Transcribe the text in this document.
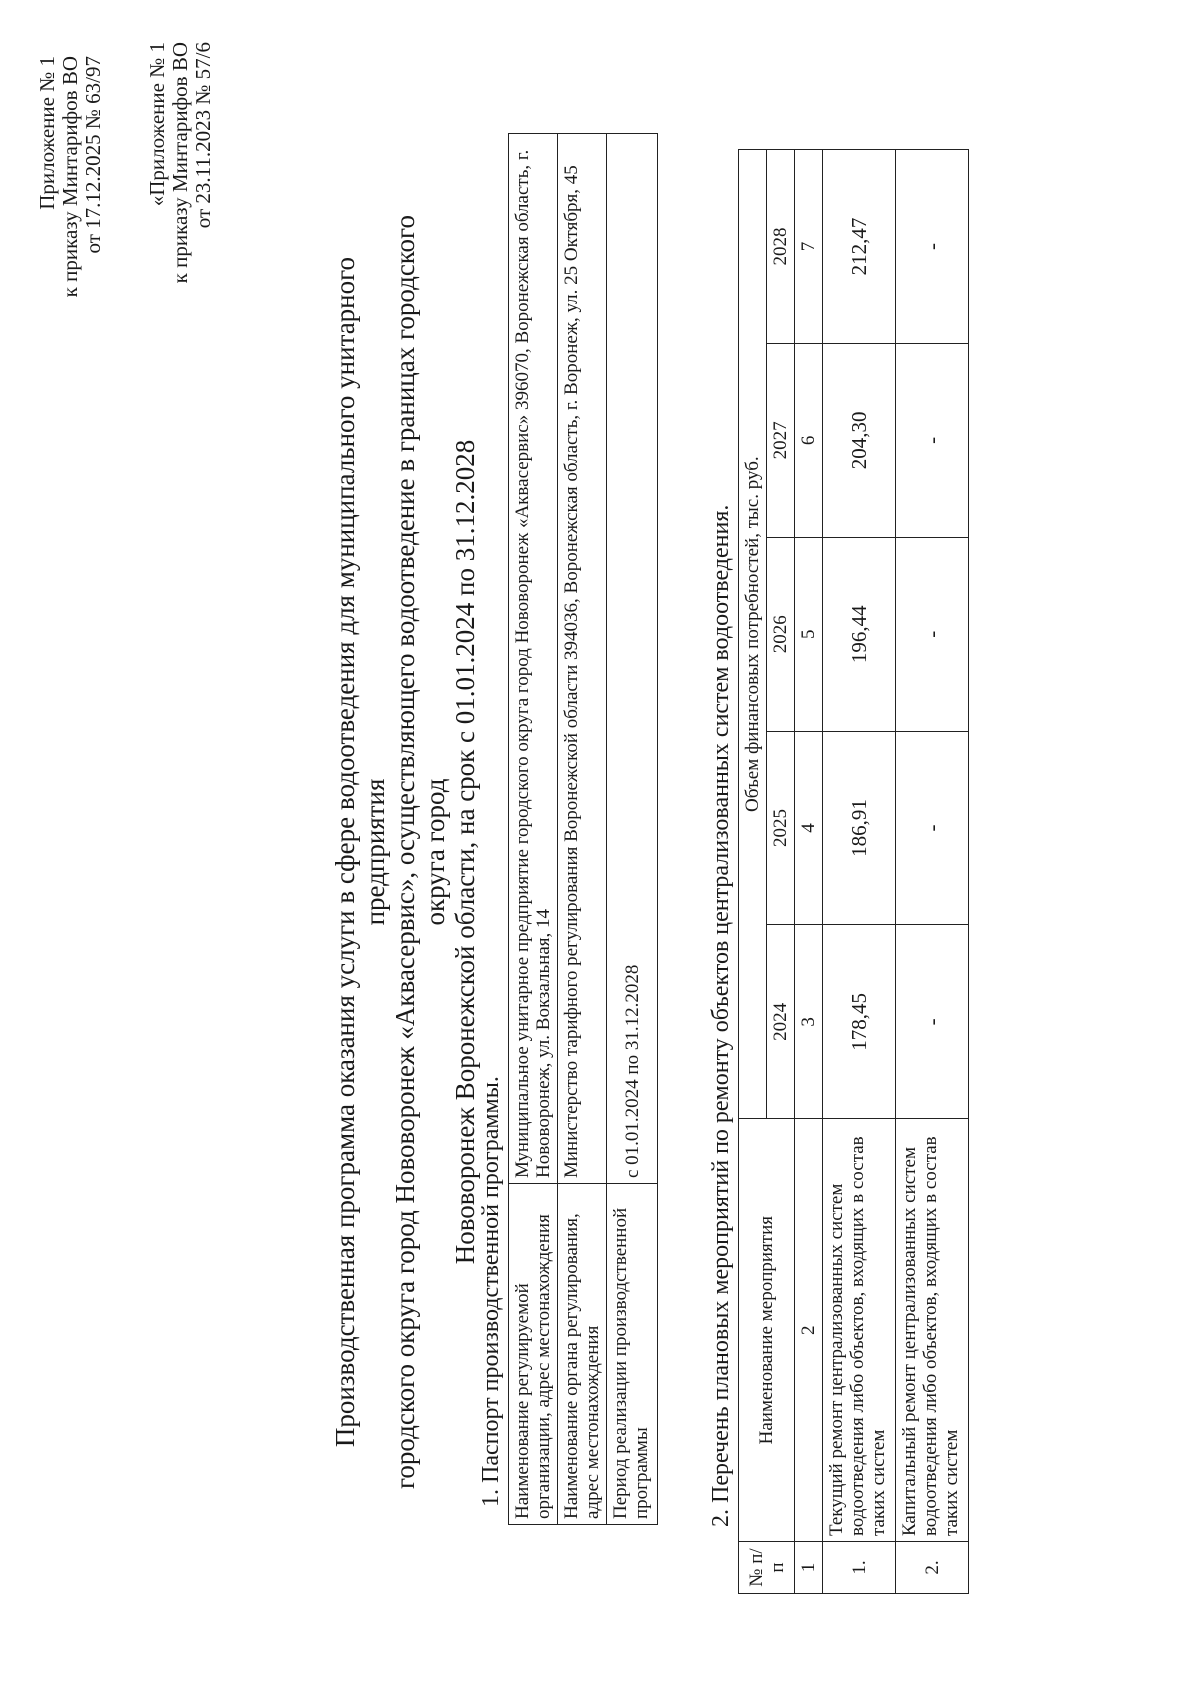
Приложение № 1 к приказу Минтарифов ВО от 17.12.2025 № 63/97 «Приложение № 1 к приказу Минтарифов ВО от 23.11.2023 № 57/6
Производственная программа оказания услуги в сфере водоотведения для муниципального унитарного предприятия городского округа город Нововоронеж «Аквасервис», осуществляющего водоотведение в границах городского округа город Нововоронеж Воронежской области, на срок с 01.01.2024 по 31.12.2028
1. Паспорт производственной программы. Наименование регулируемой организации, адрес местонахождения	Муниципальное унитарное предприятие городского округа город Нововоронеж «Аквасервис» 396070, Воронежская область, г. Нововоронеж, ул. Вокзальная, 14
Наименование органа регулирования, адрес местонахождения	Министерство тарифного регулирования Воронежской области 394036, Воронежская область, г. Воронеж, ул. 25 Октября, 45
Период реализации производственной программы	с 01.01.2024 по 31.12.2028	2. Перечень плановых мероприятий по ремонту объектов централизованных систем водоотведения.
№ п/п	Наименование мероприятия	Объем финансовых потребностей, тыс. руб.				
		2024	2025	2026	2027	2028
1	2	3	4	5	6	7
1.	Текущий ремонт централизованных систем водоотведения либо объектов, входящих в состав таких систем	178,45	186,91	196,44	204,30	212,47
2.	Капитальный ремонт централизованных систем водоотведения либо объектов, входящих в состав таких систем	-	-	-	-	-
